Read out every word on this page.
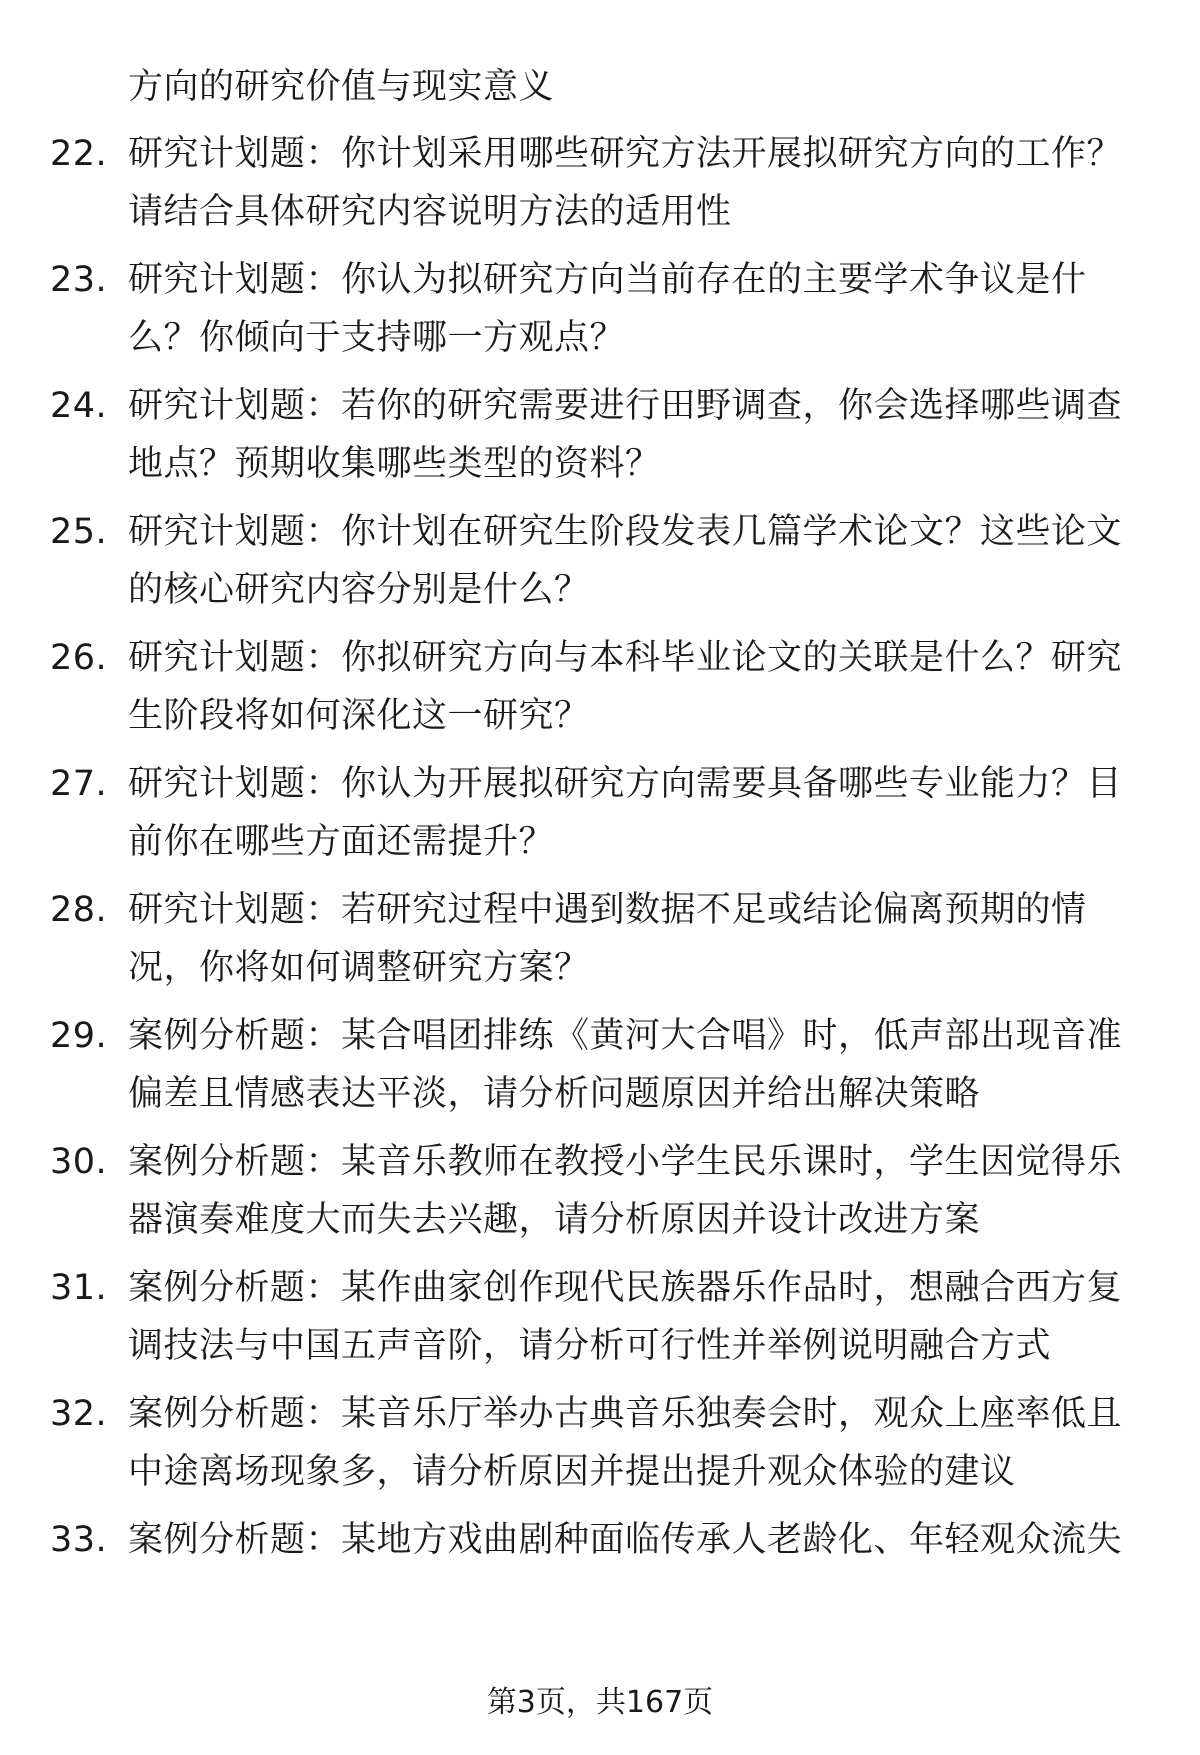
方向的研究价值与现实意义
22. 研究计划题：你计划采用哪些研究方法开展拟研究方向的工作？
请结合具体研究内容说明方法的适用性
23. 研究计划题：你认为拟研究方向当前存在的主要学术争议是什
么？你倾向于支持哪一方观点？
24. 研究计划题：若你的研究需要进行田野调查，你会选择哪些调查
地点？预期收集哪些类型的资料？
25. 研究计划题：你计划在研究生阶段发表几篇学术论文？这些论文
的核心研究内容分别是什么？
26. 研究计划题：你拟研究方向与本科毕业论文的关联是什么？研究
生阶段将如何深化这一研究？
27. 研究计划题：你认为开展拟研究方向需要具备哪些专业能力？目
前你在哪些方面还需提升？
28. 研究计划题：若研究过程中遇到数据不足或结论偏离预期的情
况，你将如何调整研究方案？
29. 案例分析题：某合唱团排练《黄河大合唱》时，低声部出现音准
偏差且情感表达平淡，请分析问题原因并给出解决策略
30. 案例分析题：某音乐教师在教授小学生民乐课时，学生因觉得乐
器演奏难度大而失去兴趣，请分析原因并设计改进方案
31. 案例分析题：某作曲家创作现代民族器乐作品时，想融合西方复
调技法与中国五声音阶，请分析可行性并举例说明融合方式
32. 案例分析题：某音乐厅举办古典音乐独奏会时，观众上座率低且
中途离场现象多，请分析原因并提出提升观众体验的建议
33. 案例分析题：某地方戏曲剧种面临传承人老龄化、年轻观众流失
第3页，共167页
